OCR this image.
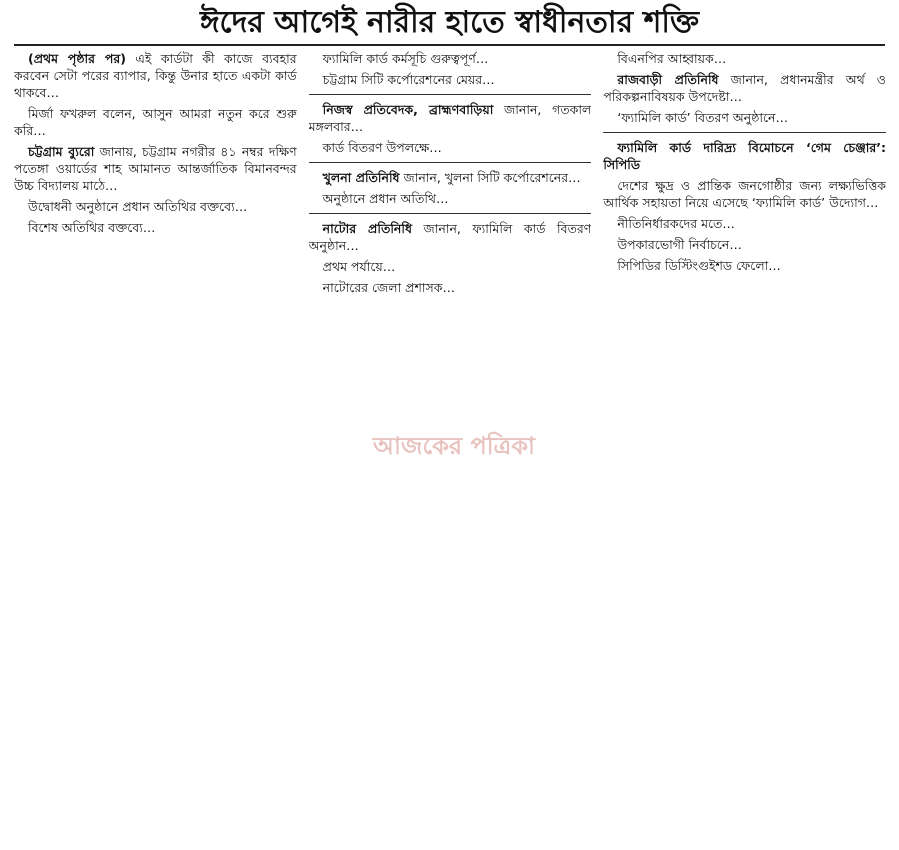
ঈদের আগেই নারীর হাতে স্বাধীনতার শক্তি

(প্রথম পৃষ্ঠার পর) এই কার্ডটা কী কাজে ব্যবহার করবেন সেটা পরের ব্যাপার, কিন্তু উনার হাতে একটা কার্ড থাকবে…

মির্জা ফখরুল বলেন, আসুন আমরা নতুন করে শুরু করি…

চট্টগ্রাম ব্যুরো জানায়, চট্টগ্রাম নগরীর ৪১ নম্বর দক্ষিণ পতেঙ্গা ওয়ার্ডের শাহ আমানত আন্তর্জাতিক বিমানবন্দর উচ্চ বিদ্যালয় মাঠে…

উদ্বোধনী অনুষ্ঠানে প্রধান অতিথির বক্তব্যে…

বিশেষ অতিথির বক্তব্যে…

ফ্যামিলি কার্ড কর্মসূচি গুরুত্বপূর্ণ…

চট্টগ্রাম সিটি কর্পোরেশনের মেয়র…

নিজস্ব প্রতিবেদক, ব্রাহ্মণবাড়িয়া জানান, গতকাল মঙ্গলবার…

কার্ড বিতরণ উপলক্ষে…

খুলনা প্রতিনিধি জানান, খুলনা সিটি কর্পোরেশনের…

অনুষ্ঠানে প্রধান অতিথি…

নাটোর প্রতিনিধি জানান, ফ্যামিলি কার্ড বিতরণ অনুষ্ঠান…

প্রথম পর্যায়ে…

নাটোরের জেলা প্রশাসক…

বিএনপির আহ্বায়ক…

রাজবাড়ী প্রতিনিধি জানান, প্রধানমন্ত্রীর অর্থ ও পরিকল্পনাবিষয়ক উপদেষ্টা…

‘ফ্যামিলি কার্ড’ বিতরণ অনুষ্ঠানে…

ফ্যামিলি কার্ড দারিদ্র্য বিমোচনে ‘গেম চেঞ্জার’: সিপিডি

দেশের ক্ষুদ্র ও প্রান্তিক জনগোষ্ঠীর জন্য লক্ষ্যভিত্তিক আর্থিক সহায়তা নিয়ে এসেছে ‘ফ্যামিলি কার্ড’ উদ্যোগ…

নীতিনির্ধারকদের মতে…

উপকারভোগী নির্বাচনে…

সিপিডির ডিস্টিংগুইশড ফেলো…

আজকের পত্রিকা
